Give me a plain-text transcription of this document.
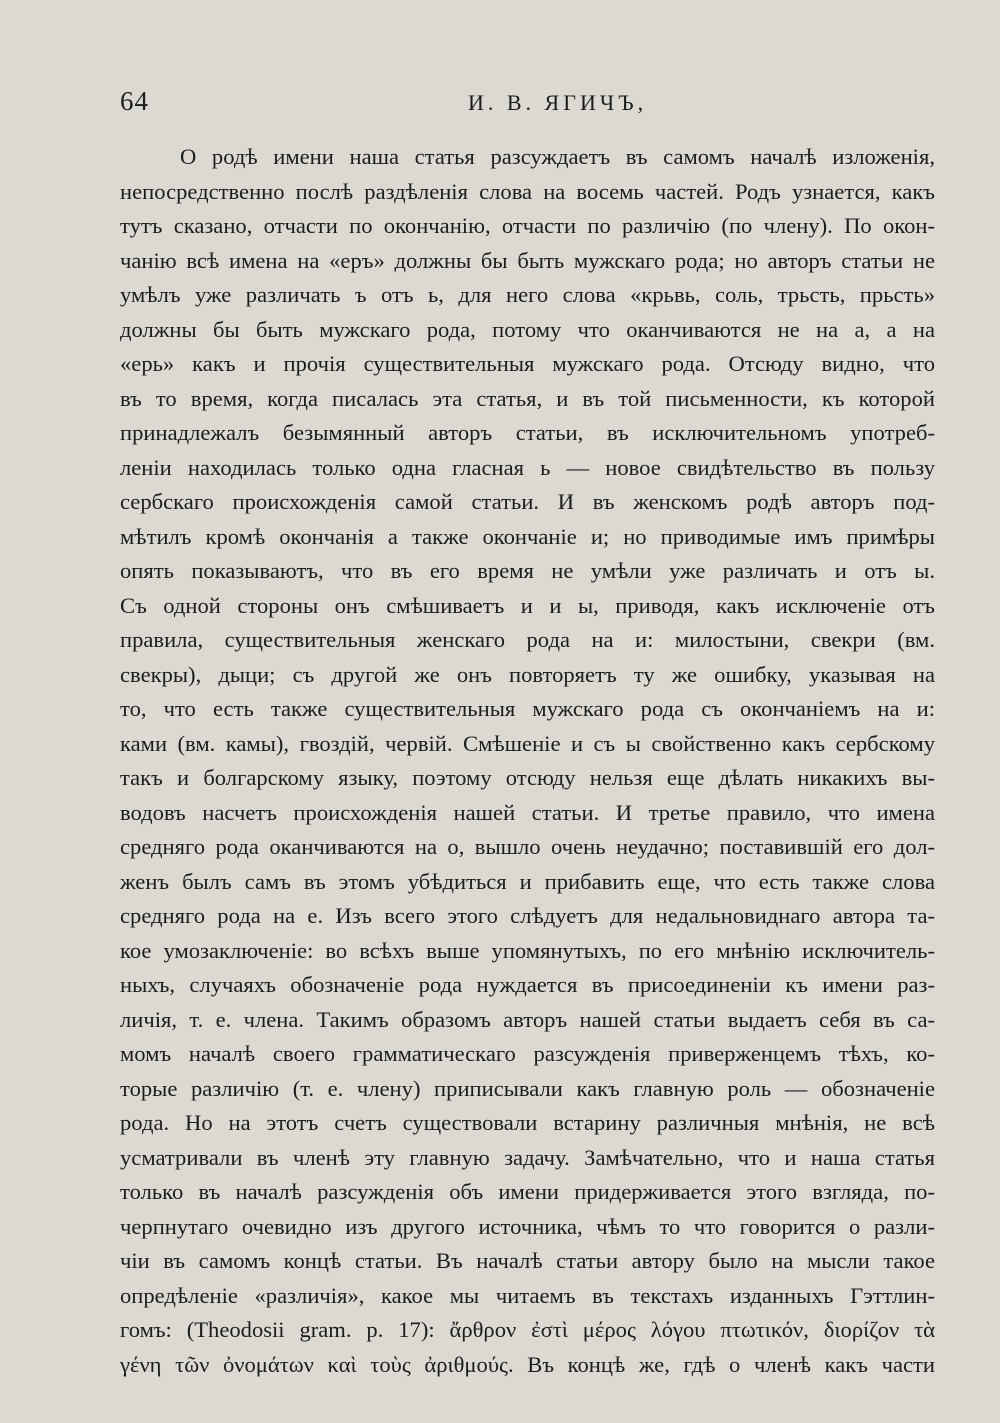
64	И. В. ЯГИЧЪ,
О родѣ имени наша статья разсуждаетъ въ самомъ началѣ изложенія,
непосредственно послѣ раздѣленія слова на восемь частей. Родъ узнается, какъ
тутъ сказано, отчасти по окончанію, отчасти по различію (по члену). По окон-
чанію всѣ имена на «еръ» должны бы быть мужскаго рода; но авторъ статьи не
умѣлъ уже различать ъ отъ ь, для него слова «крьвь, соль, трьсть, прьсть»
должны бы быть мужскаго рода, потому что оканчиваются не на а, а на
«ерь» какъ и прочія существительныя мужскаго рода. Отсюду видно, что
въ то время, когда писалась эта статья, и въ той письменности, къ которой
принадлежалъ безымянный авторъ статьи, въ исключительномъ употреб-
леніи находилась только одна гласная ь — новое свидѣтельство въ пользу
сербскаго происхожденія самой статьи. И въ женскомъ родѣ авторъ под-
мѣтилъ кромѣ окончанія а также окончаніе и; но приводимые имъ примѣры
опять показываютъ, что въ его время не умѣли уже различать и отъ ы.
Съ одной стороны онъ смѣшиваетъ и и ы, приводя, какъ исключеніе отъ
правила, существительныя женскаго рода на и: милостыни, свекри (вм.
свекры), дыци; съ другой же онъ повторяетъ ту же ошибку, указывая на
то, что есть также существительныя мужскаго рода съ окончаніемъ на и:
ками (вм. камы), гвоздій, червій. Смѣшеніе и съ ы свойственно какъ сербскому
такъ и болгарскому языку, поэтому отсюду нельзя еще дѣлать никакихъ вы-
водовъ насчетъ происхожденія нашей статьи. И третье правило, что имена
средняго рода оканчиваются на о, вышло очень неудачно; поставившій его дол-
женъ былъ самъ въ этомъ убѣдиться и прибавить еще, что есть также слова
средняго рода на е. Изъ всего этого слѣдуетъ для недальновиднаго автора та-
кое умозаключеніе: во всѣхъ выше упомянутыхъ, по его мнѣнію исключитель-
ныхъ, случаяхъ обозначеніе рода нуждается въ присоединеніи къ имени раз-
личія, т. е. члена. Такимъ образомъ авторъ нашей статьи выдаетъ себя въ са-
момъ началѣ своего грамматическаго разсужденія приверженцемъ тѣхъ, ко-
торые различію (т. е. члену) приписывали какъ главную роль — обозначеніе
рода. Но на этотъ счетъ существовали встарину различныя мнѣнія, не всѣ
усматривали въ членѣ эту главную задачу. Замѣчательно, что и наша статья
только въ началѣ разсужденія объ имени придерживается этого взгляда, по-
черпнутаго очевидно изъ другого источника, чѣмъ то что говорится о разли-
чіи въ самомъ концѣ статьи. Въ началѣ статьи автору было на мысли такое
опредѣленіе «различія», какое мы читаемъ въ текстахъ изданныхъ Гэттлин-
гомъ: (Theodosii gram. p. 17): ἄρθρον ἐστὶ μέρος λόγου πτωτικόν, διορίζον τὰ
γένη τῶν ὀνομάτων καὶ τοὺς ἀριθμούς. Въ концѣ же, гдѣ о членѣ какъ части
